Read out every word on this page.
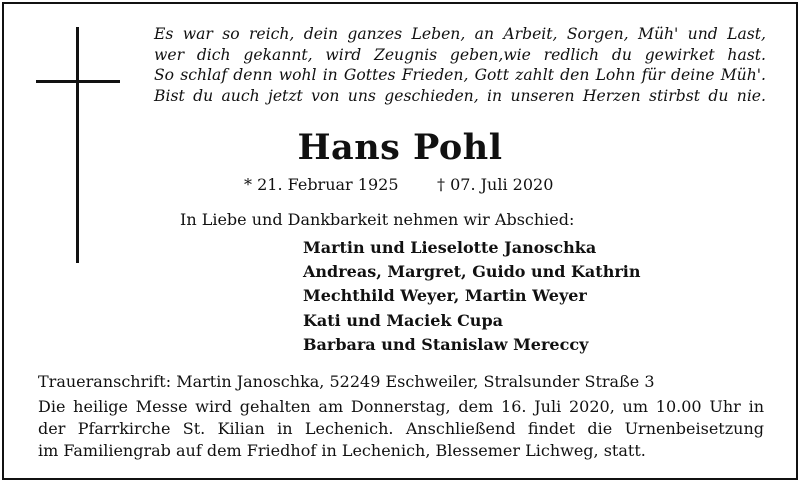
Es war so reich, dein ganzes Leben, an Arbeit, Sorgen, Müh' und Last,
wer dich gekannt, wird Zeugnis geben,wie redlich du gewirket hast.
So schlaf denn wohl in Gottes Frieden, Gott zahlt den Lohn für deine Müh'.
Bist du auch jetzt von uns geschieden, in unseren Herzen stirbst du nie.
Hans Pohl
* 21. Februar 1925 † 07. Juli 2020
In Liebe und Dankbarkeit nehmen wir Abschied:
Martin und Lieselotte Janoschka
Andreas, Margret, Guido und Kathrin
Mechthild Weyer, Martin Weyer
Kati und Maciek Cupa
Barbara und Stanislaw Mereccy
Traueranschrift: Martin Janoschka, 52249 Eschweiler, Stralsunder Straße 3
Die heilige Messe wird gehalten am Donnerstag, dem 16. Juli 2020, um 10.00 Uhr in
der Pfarrkirche St. Kilian in Lechenich. Anschließend findet die Urnenbeisetzung
im Familiengrab auf dem Friedhof in Lechenich, Blessemer Lichweg, statt.
